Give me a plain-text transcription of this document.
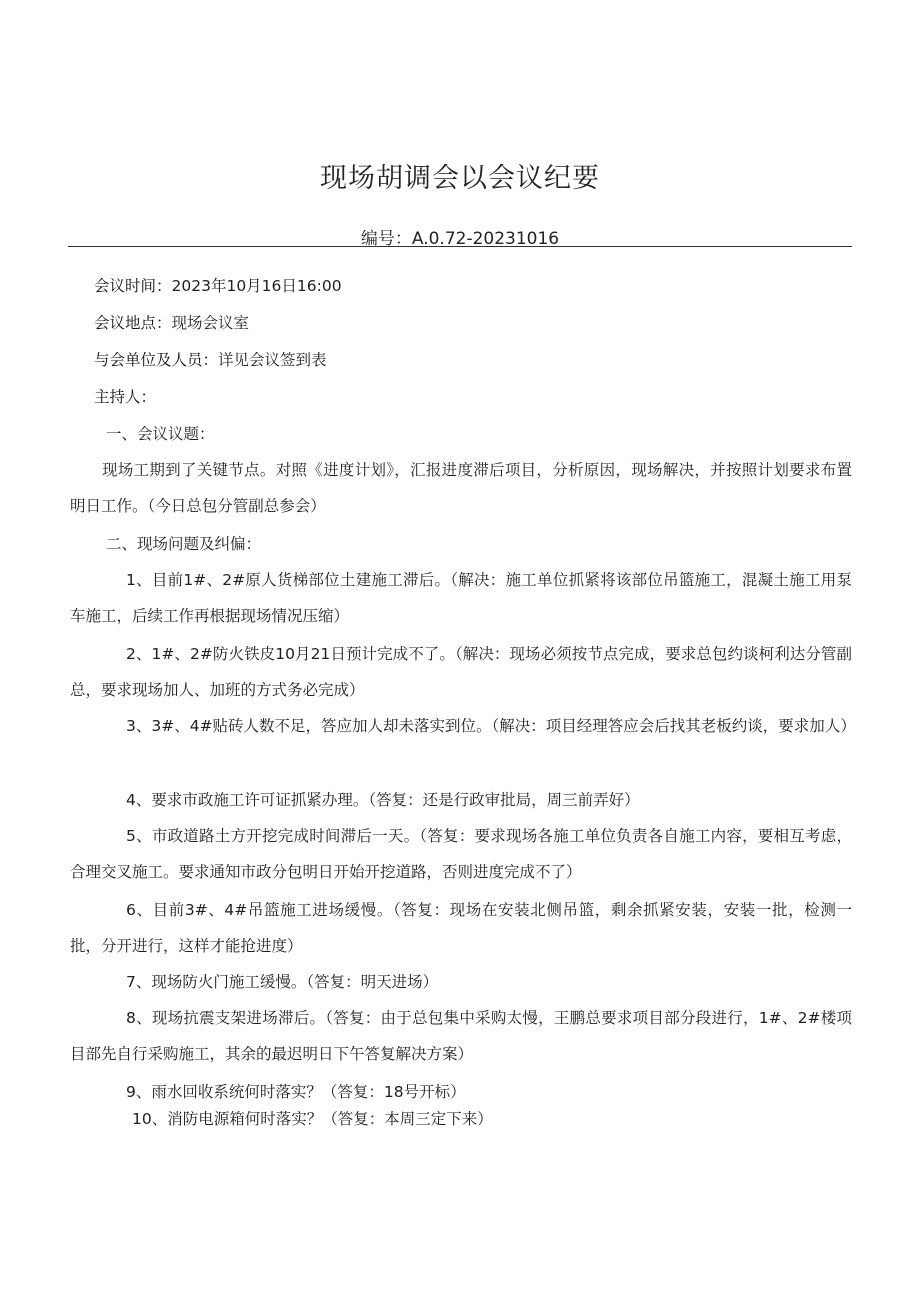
现场胡调会以会议纪要
编号：A.0.72-20231016
会议时间：2023年10月16日16:00
会议地点：现场会议室
与会单位及人员：详见会议签到表
主持人：
一、会议议题：
现场工期到了关键节点。对照《进度计划》，汇报进度滞后项目，分析原因，现场解决，并按照计划要求布置明日工作。（今日总包分管副总参会）
二、现场问题及纠偏：
1、目前1#、2#原人货梯部位土建施工滞后。（解决：施工单位抓紧将该部位吊篮施工，混凝土施工用泵车施工，后续工作再根据现场情况压缩）
2、1#、2#防火铁皮10月21日预计完成不了。（解决：现场必须按节点完成，要求总包约谈柯利达分管副总，要求现场加人、加班的方式务必完成）
3、3#、4#贴砖人数不足，答应加人却未落实到位。（解决：项目经理答应会后找其老板约谈，要求加人）
4、要求市政施工许可证抓紧办理。（答复：还是行政审批局，周三前弄好）
5、市政道路土方开挖完成时间滞后一天。（答复：要求现场各施工单位负责各自施工内容，要相互考虑，合理交叉施工。要求通知市政分包明日开始开挖道路，否则进度完成不了）
6、目前3#、4#吊篮施工进场缓慢。（答复：现场在安装北侧吊篮，剩余抓紧安装，安装一批，检测一批，分开进行，这样才能抢进度）
7、现场防火门施工缓慢。（答复：明天进场）
8、现场抗震支架进场滞后。（答复：由于总包集中采购太慢，王鹏总要求项目部分段进行，1#、2#楼项目部先自行采购施工，其余的最迟明日下午答复解决方案）
9、雨水回收系统何时落实？（答复：18号开标）
10、消防电源箱何时落实？（答复：本周三定下来）
